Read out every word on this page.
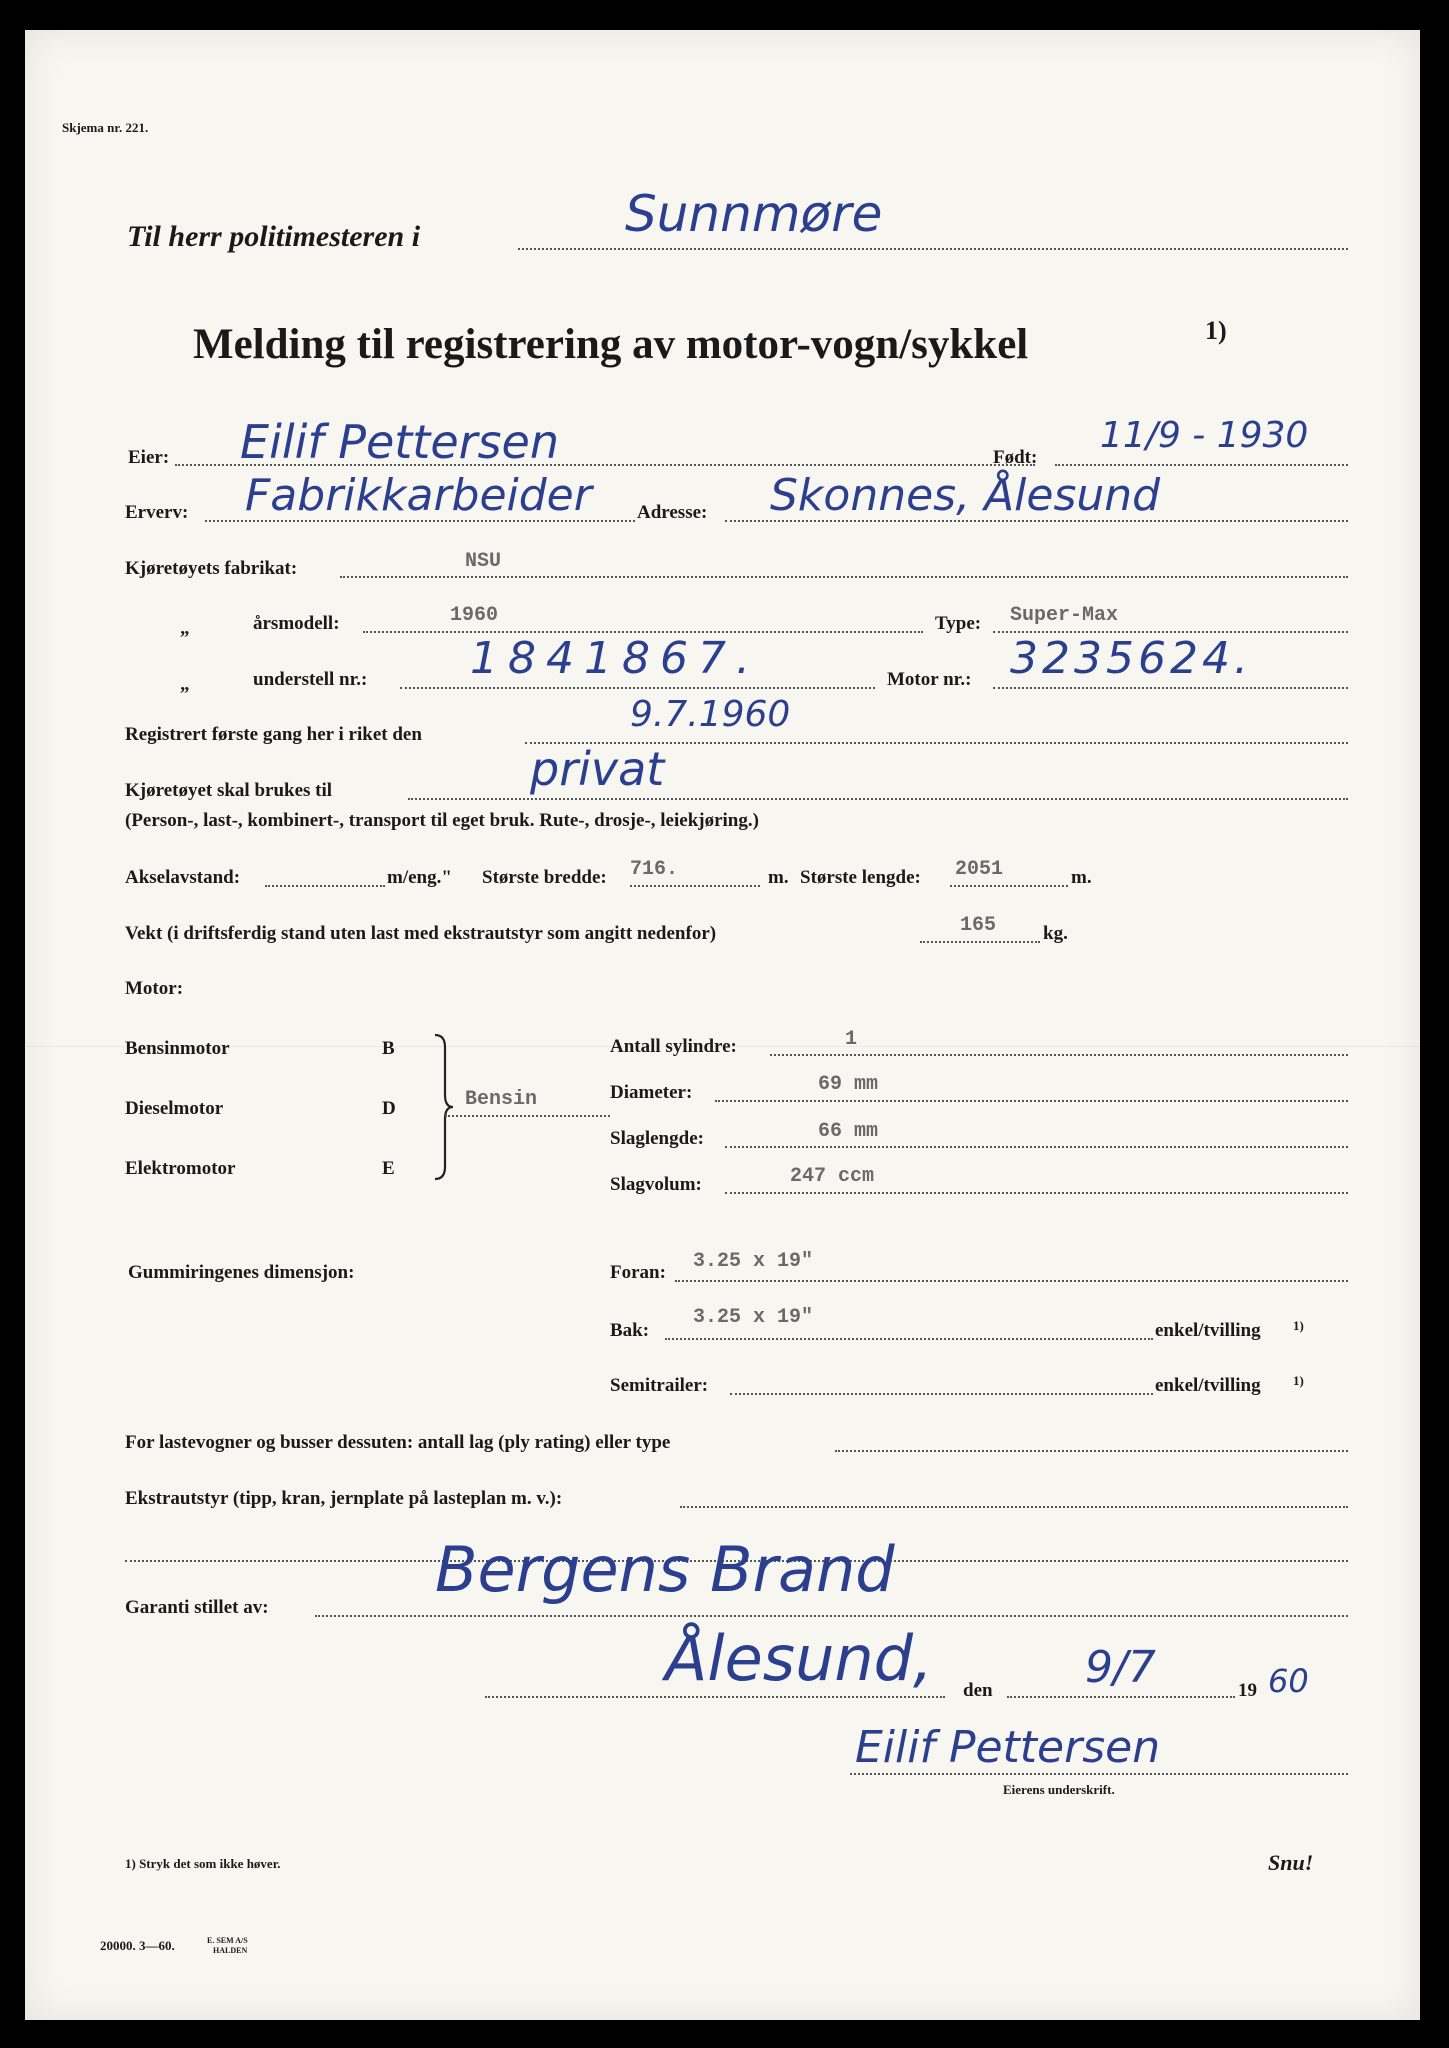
Skjema nr. 221.
Til herr politimesteren i	Sunnmøre
Melding til registrering av motor-vogn/sykkel	1)
Eier: Eilif Pettersen	Født:
11/9 - 1930
Erverv: Fabrikkarbeider Adresse: Skonnes, Ålesund
Kjøretøyets fabrikat:	NSU
„	årsmodell:	1960	Type: Super-Max
„	understell nr.: 1841867.	Motor nr.: 3235624.
Registrert første gang her i riket den	9.7.1960
Kjøretøyet skal brukes til	privat
(Person-, last-, kombinert-, transport til eget bruk. Rute-, drosje-, leiekjøring.)
Akselavstand:	m/eng." Største bredde: 716.	m. Største lengde: 2051	m.
Vekt (i driftsferdig stand uten last med ekstrautstyr som angitt nedenfor)	165 kg.
Motor:
Bensinmotor	B
Dieselmotor	D
Elektromotor	E
Bensin
Antall sylindre:	1
Diameter:	69 mm
Slaglengde:	66 mm
Slagvolum:	247 ccm
Gummiringenes dimensjon:	Foran: 3.25 x 19"
Bak:
3.25 x 19"
enkel/tvilling 1)
Semitrailer:	enkel/tvilling 1)
For lastevogner og busser dessuten: antall lag (ply rating) eller type
Ekstrautstyr (tipp, kran, jernplate på lasteplan m. v.):
Garanti stillet av:
Bergens Brand
Ålesund, den 9/7	19 60
Eilif Pettersen
Eierens underskrift.
1) Stryk det som ikke høver.	Snu!
20000. 3—60.	E. SEM A/S
HALDEN
